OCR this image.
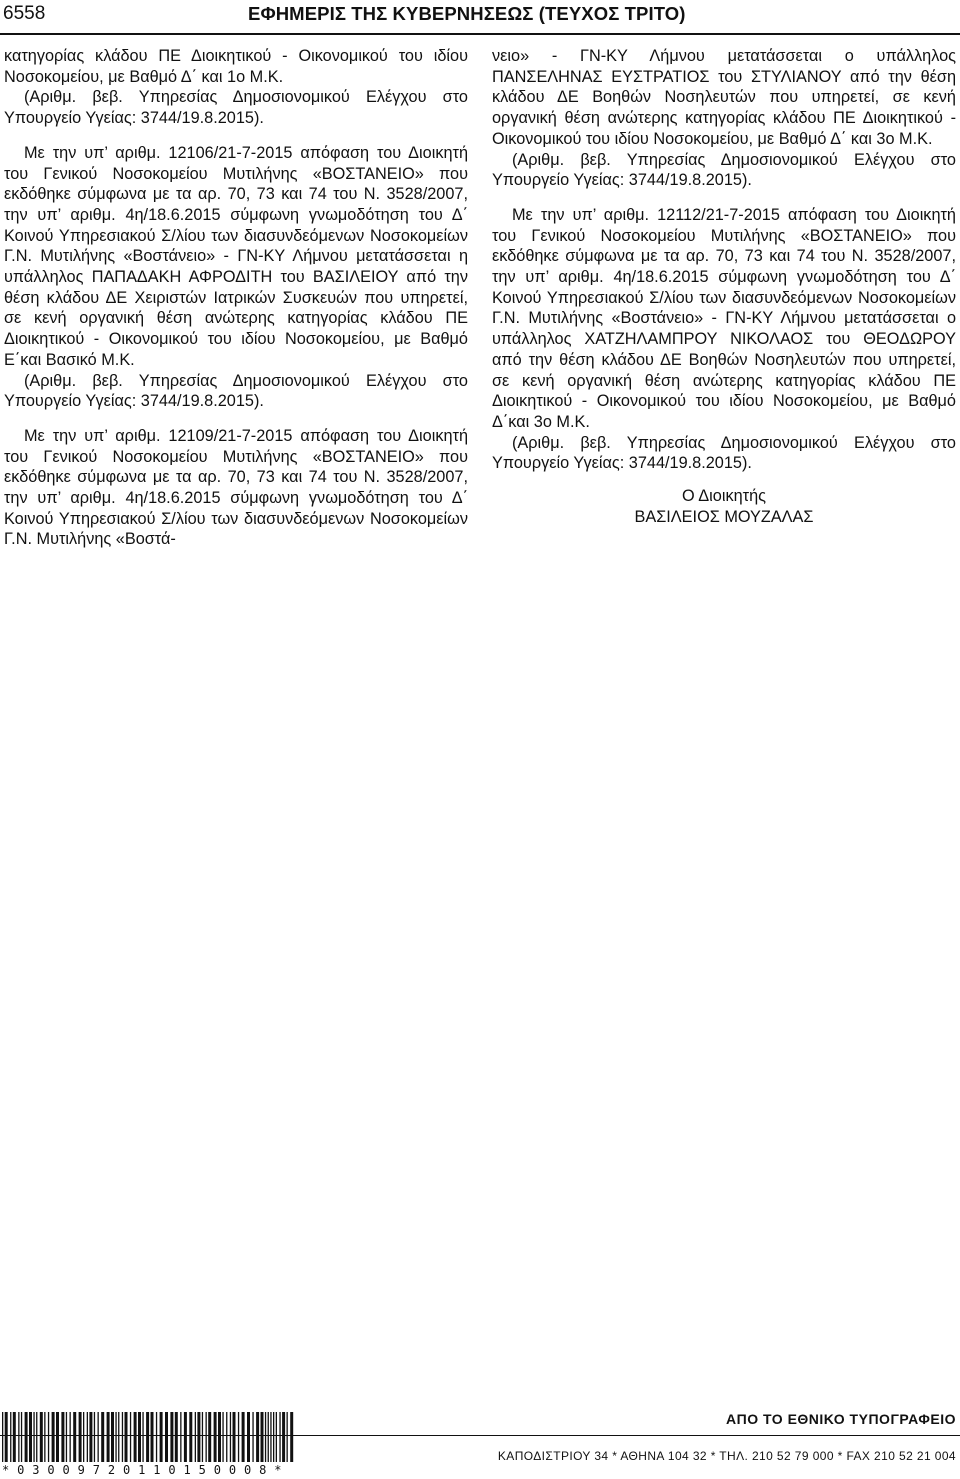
6558	ΕΦΗΜΕΡΙΣ ΤΗΣ ΚΥΒΕΡΝΗΣΕΩΣ (ΤΕΥΧΟΣ ΤΡΙΤΟ)

κατηγορίας κλάδου ΠΕ Διοικητικού - Οικονομικού του ιδίου Νοσοκομείου, με Βαθμό Δ΄ και 1ο Μ.Κ.

(Αριθμ. βεβ. Υπηρεσίας Δημοσιονομικού Ελέγχου στο Υπουργείο Υγείας: 3744/19.8.2015).

Με την υπ’ αριθμ. 12106/21-7-2015 απόφαση του Διοικητή του Γενικού Νοσοκομείου Μυτιλήνης «ΒΟΣΤΑΝΕΙΟ» που εκδόθηκε σύμφωνα με τα αρ. 70, 73 και 74 του Ν. 3528/2007, την υπ’ αριθμ. 4η/18.6.2015 σύμφωνη γνωμοδότηση του Δ΄ Κοινού Υπηρεσιακού Σ/λίου των διασυνδεόμενων Νοσοκομείων Γ.Ν. Μυτιλήνης «Βοστάνειο» - ΓΝ-ΚΥ Λήμνου μετατάσσεται η υπάλληλος ΠΑΠΑΔΑΚΗ ΑΦΡΟΔΙΤΗ του ΒΑΣΙΛΕΙΟΥ από την θέση κλάδου ΔΕ Χειριστών Ιατρικών Συσκευών που υπηρετεί, σε κενή οργανική θέση ανώτερης κατηγορίας κλάδου ΠΕ Διοικητικού - Οικονομικού του ιδίου Νοσοκομείου, με Βαθμό Ε΄και Βασικό Μ.Κ.

(Αριθμ. βεβ. Υπηρεσίας Δημοσιονομικού Ελέγχου στο Υπουργείο Υγείας: 3744/19.8.2015).

Με την υπ’ αριθμ. 12109/21-7-2015 απόφαση του Διοικητή του Γενικού Νοσοκομείου Μυτιλήνης «ΒΟΣΤΑΝΕΙΟ» που εκδόθηκε σύμφωνα με τα αρ. 70, 73 και 74 του Ν. 3528/2007, την υπ’ αριθμ. 4η/18.6.2015 σύμφωνη γνωμοδότηση του Δ΄ Κοινού Υπηρεσιακού Σ/λίου των διασυνδεόμενων Νοσοκομείων Γ.Ν. Μυτιλήνης «Βοστά-

νειο» - ΓΝ-ΚΥ Λήμνου μετατάσσεται ο υπάλληλος ΠΑΝΣΕΛΗΝΑΣ ΕΥΣΤΡΑΤΙΟΣ του ΣΤΥΛΙΑΝΟΥ από την θέση κλάδου ΔΕ Βοηθών Νοσηλευτών που υπηρετεί, σε κενή οργανική θέση ανώτερης κατηγορίας κλάδου ΠΕ Διοικητικού - Οικονομικού του ιδίου Νοσοκομείου, με Βαθμό Δ΄ και 3ο Μ.Κ.

(Αριθμ. βεβ. Υπηρεσίας Δημοσιονομικού Ελέγχου στο Υπουργείο Υγείας: 3744/19.8.2015).

Με την υπ’ αριθμ. 12112/21-7-2015 απόφαση του Διοικητή του Γενικού Νοσοκομείου Μυτιλήνης «ΒΟΣΤΑΝΕΙΟ» που εκδόθηκε σύμφωνα με τα αρ. 70, 73 και 74 του Ν. 3528/2007, την υπ’ αριθμ. 4η/18.6.2015 σύμφωνη γνωμοδότηση του Δ΄ Κοινού Υπηρεσιακού Σ/λίου των διασυνδεόμενων Νοσοκομείων Γ.Ν. Μυτιλήνης «Βοστάνειο» - ΓΝ-ΚΥ Λήμνου μετατάσσεται ο υπάλληλος ΧΑΤΖΗΛΑΜΠΡΟΥ ΝΙΚΟΛΑΟΣ του ΘΕΟΔΩΡΟΥ από την θέση κλάδου ΔΕ Βοηθών Νοσηλευτών που υπηρετεί, σε κενή οργανική θέση ανώτερης κατηγορίας κλάδου ΠΕ Διοικητικού - Οικονομικού του ιδίου Νοσοκομείου, με Βαθμό Δ΄και 3ο Μ.Κ.

(Αριθμ. βεβ. Υπηρεσίας Δημοσιονομικού Ελέγχου στο Υπουργείο Υγείας: 3744/19.8.2015).

Ο Διοικητής

ΒΑΣΙΛΕΙΟΣ ΜΟΥΖΑΛΑΣ

*03009720110150008*
ΑΠΟ ΤΟ ΕΘΝΙΚΟ ΤΥΠΟΓΡΑΦΕΙΟ
ΚΑΠΟΔΙΣΤΡΙΟΥ 34 * ΑΘΗΝΑ 104 32 * ΤΗΛ. 210 52 79 000 * FAX 210 52 21 004
